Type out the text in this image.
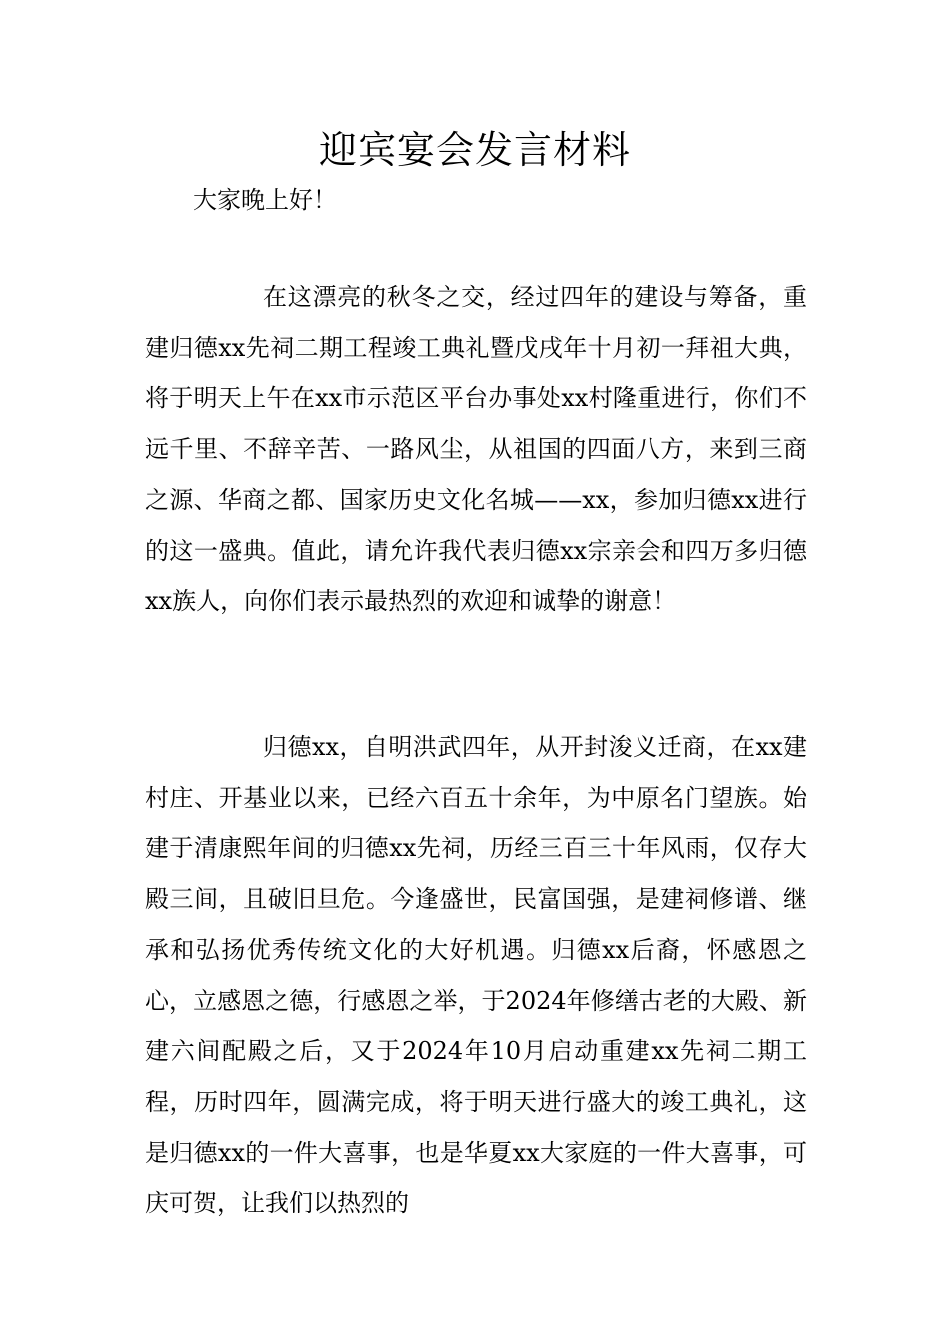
迎宾宴会发言材料

大家晚上好！

在这漂亮的秋冬之交，经过四年的建设与筹备，重建归德xx先祠二期工程竣工典礼暨戊戌年十月初一拜祖大典，将于明天上午在xx市示范区平台办事处xx村隆重进行，你们不远千里、不辞辛苦、一路风尘，从祖国的四面八方，来到三商之源、华商之都、国家历史文化名城——xx，参加归德xx进行的这一盛典。值此，请允许我代表归德xx宗亲会和四万多归德xx族人，向你们表示最热烈的欢迎和诚挚的谢意！

归德xx，自明洪武四年，从开封浚义迁商，在xx建村庄、开基业以来，已经六百五十余年，为中原名门望族。始建于清康熙年间的归德xx先祠，历经三百三十年风雨，仅存大殿三间，且破旧旦危。今逢盛世，民富国强，是建祠修谱、继承和弘扬优秀传统文化的大好机遇。归德xx后裔，怀感恩之心，立感恩之德，行感恩之举，于2024年修缮古老的大殿、新建六间配殿之后，又于2024年10月启动重建xx先祠二期工程，历时四年，圆满完成，将于明天进行盛大的竣工典礼，这是归德xx的一件大喜事，也是华夏xx大家庭的一件大喜事，可庆可贺，让我们以热烈的
